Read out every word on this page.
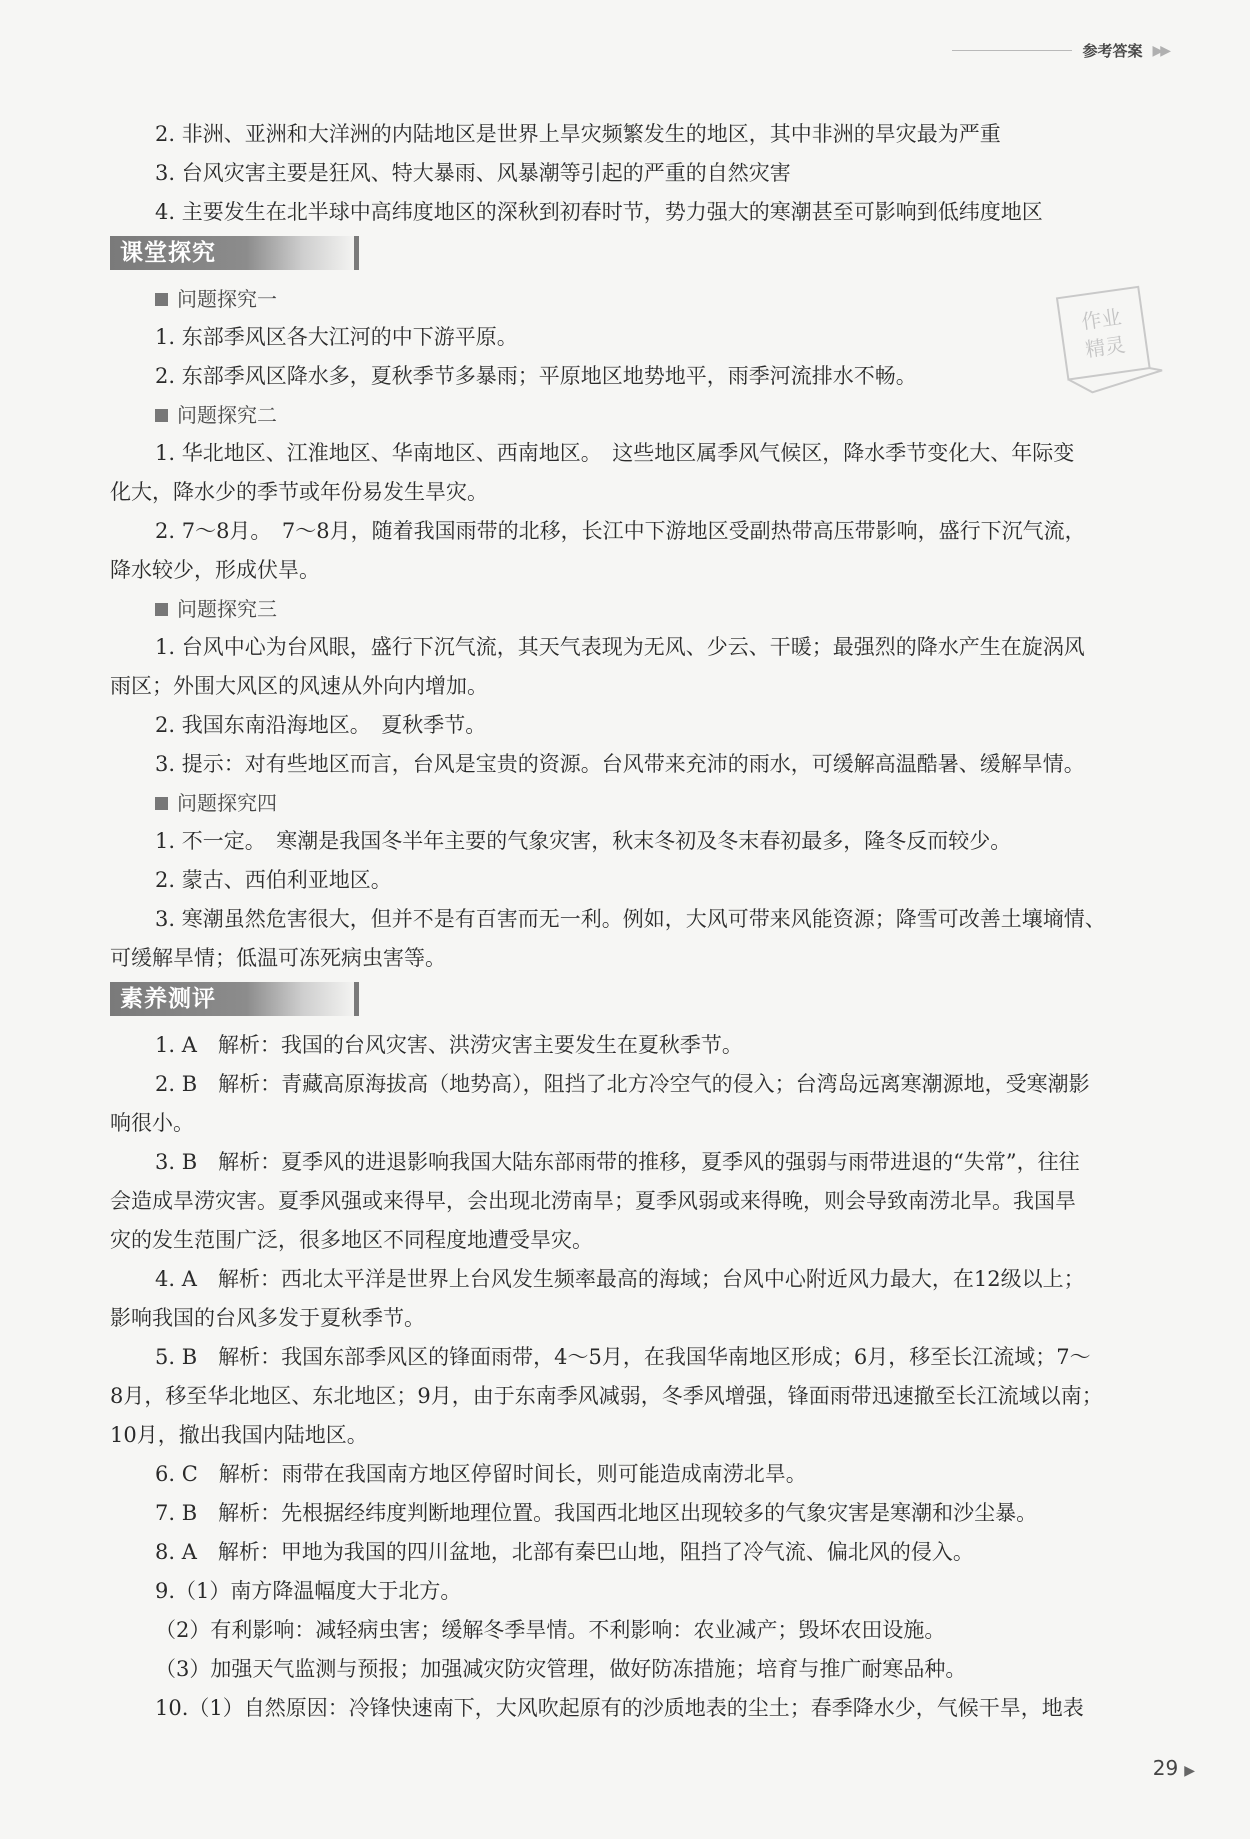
参考答案 ▶▶
作业
精灵
2. 非洲、亚洲和大洋洲的内陆地区是世界上旱灾频繁发生的地区，其中非洲的旱灾最为严重
3. 台风灾害主要是狂风、特大暴雨、风暴潮等引起的严重的自然灾害
4. 主要发生在北半球中高纬度地区的深秋到初春时节，势力强大的寒潮甚至可影响到低纬度地区
课堂探究
问题探究一
1. 东部季风区各大江河的中下游平原。
2. 东部季风区降水多，夏秋季节多暴雨；平原地区地势地平，雨季河流排水不畅。
问题探究二
1. 华北地区、江淮地区、华南地区、西南地区。　这些地区属季风气候区，降水季节变化大、年际变
化大，降水少的季节或年份易发生旱灾。
2. 7～8月。　7～8月，随着我国雨带的北移，长江中下游地区受副热带高压带影响，盛行下沉气流，
降水较少，形成伏旱。
问题探究三
1. 台风中心为台风眼，盛行下沉气流，其天气表现为无风、少云、干暖；最强烈的降水产生在旋涡风
雨区；外围大风区的风速从外向内增加。
2. 我国东南沿海地区。　夏秋季节。
3. 提示：对有些地区而言，台风是宝贵的资源。台风带来充沛的雨水，可缓解高温酷暑、缓解旱情。
问题探究四
1. 不一定。　寒潮是我国冬半年主要的气象灾害，秋末冬初及冬末春初最多，隆冬反而较少。
2. 蒙古、西伯利亚地区。
3. 寒潮虽然危害很大，但并不是有百害而无一利。例如，大风可带来风能资源；降雪可改善土壤墒情、
可缓解旱情；低温可冻死病虫害等。
素养测评
1. A　解析：我国的台风灾害、洪涝灾害主要发生在夏秋季节。
2. B　解析：青藏高原海拔高（地势高），阻挡了北方冷空气的侵入；台湾岛远离寒潮源地，受寒潮影
响很小。
3. B　解析：夏季风的进退影响我国大陆东部雨带的推移，夏季风的强弱与雨带进退的“失常”，往往
会造成旱涝灾害。夏季风强或来得早，会出现北涝南旱；夏季风弱或来得晚，则会导致南涝北旱。我国旱
灾的发生范围广泛，很多地区不同程度地遭受旱灾。
4. A　解析：西北太平洋是世界上台风发生频率最高的海域；台风中心附近风力最大，在12级以上；
影响我国的台风多发于夏秋季节。
5. B　解析：我国东部季风区的锋面雨带，4～5月，在我国华南地区形成；6月，移至长江流域；7～
8月，移至华北地区、东北地区；9月，由于东南季风减弱，冬季风增强，锋面雨带迅速撤至长江流域以南；
10月，撤出我国内陆地区。
6. C　解析：雨带在我国南方地区停留时间长，则可能造成南涝北旱。
7. B　解析：先根据经纬度判断地理位置。我国西北地区出现较多的气象灾害是寒潮和沙尘暴。
8. A　解析：甲地为我国的四川盆地，北部有秦巴山地，阻挡了冷气流、偏北风的侵入。
9.（1）南方降温幅度大于北方。
（2）有利影响：减轻病虫害；缓解冬季旱情。不利影响：农业减产；毁坏农田设施。
（3）加强天气监测与预报；加强减灾防灾管理，做好防冻措施；培育与推广耐寒品种。
10.（1）自然原因：冷锋快速南下，大风吹起原有的沙质地表的尘土；春季降水少，气候干旱，地表
29 ▶
